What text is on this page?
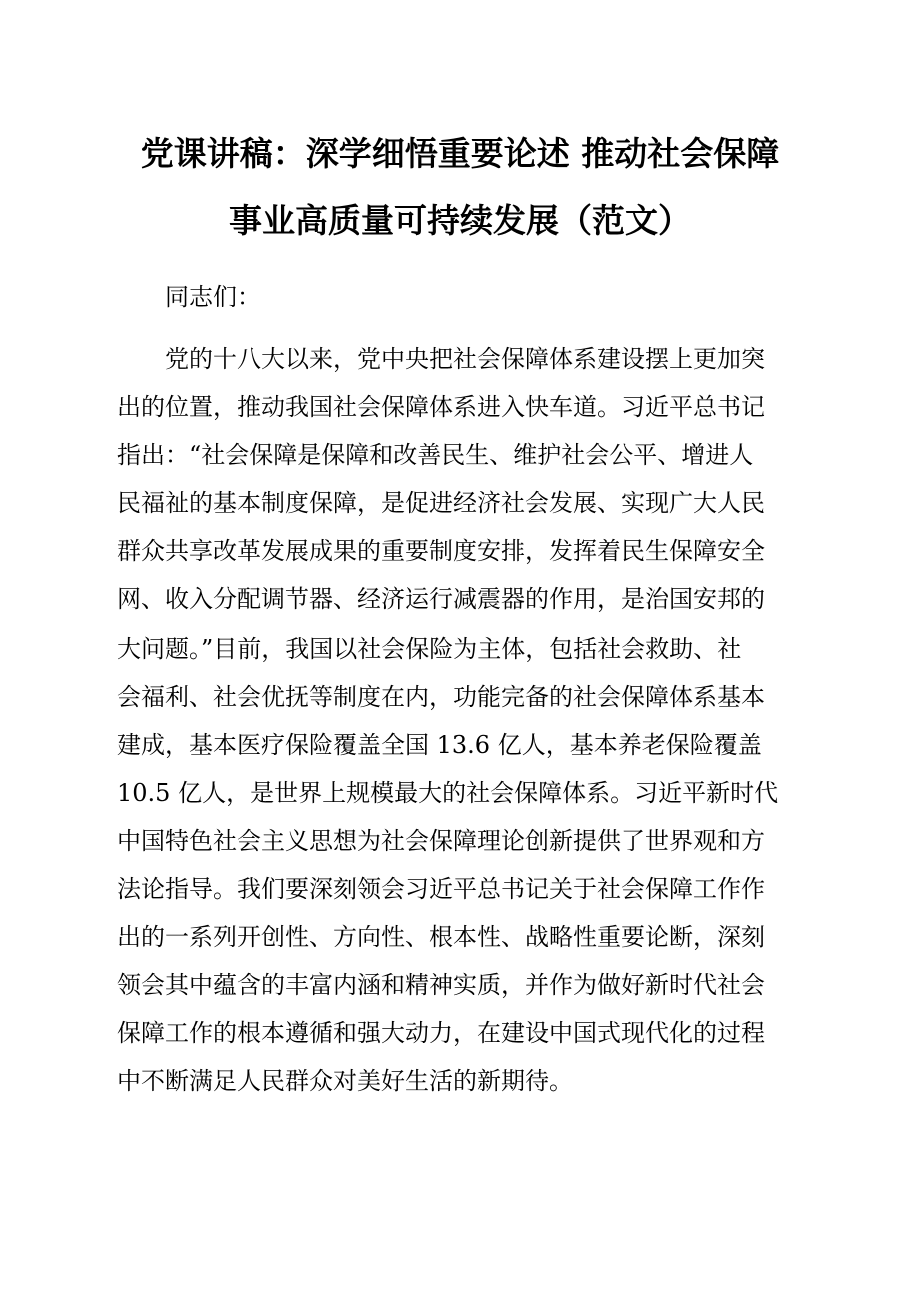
党课讲稿：深学细悟重要论述 推动社会保障
事业高质量可持续发展（范文）
同志们：
　　党的十八大以来，党中央把社会保障体系建设摆上更加突
出的位置，推动我国社会保障体系进入快车道。习近平总书记
指出：“社会保障是保障和改善民生、维护社会公平、增进人
民福祉的基本制度保障，是促进经济社会发展、实现广大人民
群众共享改革发展成果的重要制度安排，发挥着民生保障安全
网、收入分配调节器、经济运行减震器的作用，是治国安邦的
大问题。”目前，我国以社会保险为主体，包括社会救助、社
会福利、社会优抚等制度在内，功能完备的社会保障体系基本
建成，基本医疗保险覆盖全国 13.6 亿人，基本养老保险覆盖
10.5 亿人，是世界上规模最大的社会保障体系。习近平新时代
中国特色社会主义思想为社会保障理论创新提供了世界观和方
法论指导。我们要深刻领会习近平总书记关于社会保障工作作
出的一系列开创性、方向性、根本性、战略性重要论断，深刻
领会其中蕴含的丰富内涵和精神实质，并作为做好新时代社会
保障工作的根本遵循和强大动力，在建设中国式现代化的过程
中不断满足人民群众对美好生活的新期待。
